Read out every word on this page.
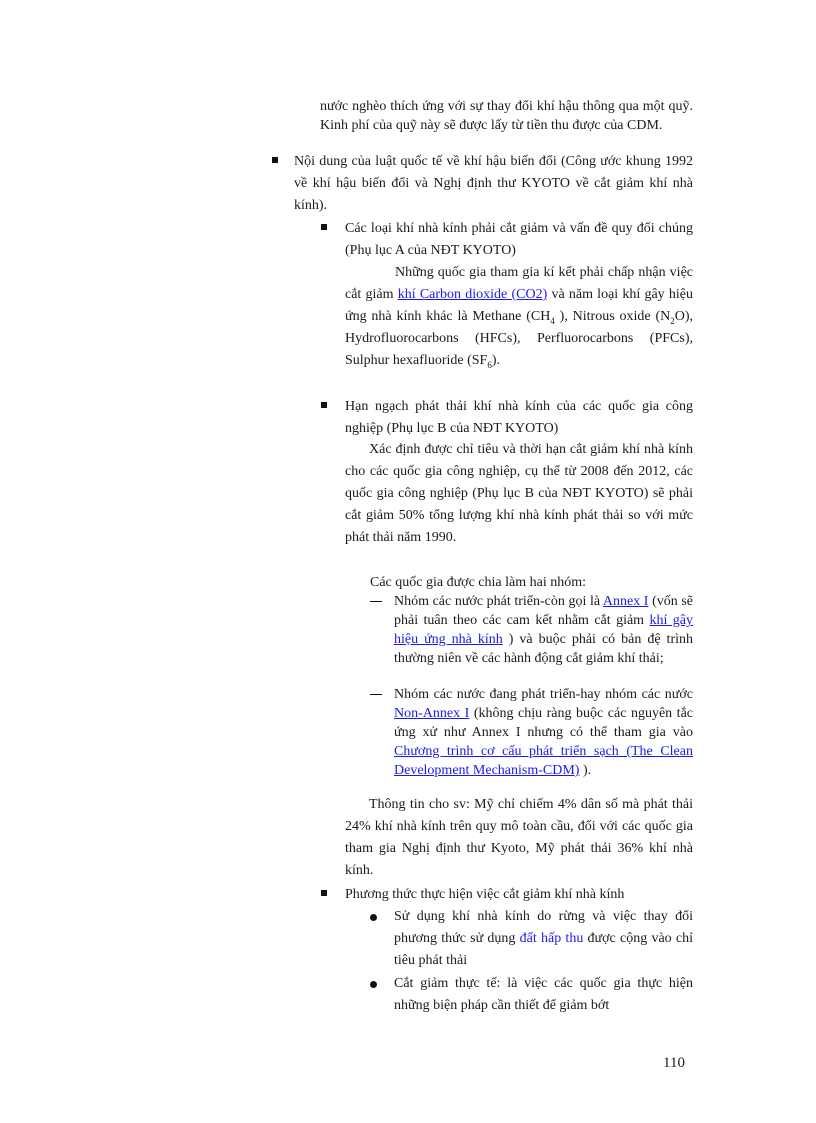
nước nghèo thích ứng với sự thay đổi khí hậu thông qua một quỹ. Kinh phí của quỹ này sẽ được lấy từ tiền thu được của CDM.

Nội dung của luật quốc tế về khí hậu biến đổi (Công ước khung 1992 về khí hậu biến đổi và Nghị định thư KYOTO về cắt giảm khí nhà kính).

Các loại khí nhà kính phải cắt giảm và vấn đề quy đổi chúng (Phụ lục A của NĐT KYOTO)

Những quốc gia tham gia kí kết phải chấp nhận việc cắt giảm khí Carbon dioxide (CO2) và năm loại khí gây hiệu ứng nhà kính khác là Methane ($CH_4$ ), Nitrous oxide $(N_2O)$, Hydrofluorocarbons (HFCs), Perfluorocarbons (PFCs), Sulphur hexafluoride $(SF_6)$.

Hạn ngạch phát thải khí nhà kính của các quốc gia công nghiệp (Phụ lục B của NĐT KYOTO)

Xác định được chỉ tiêu và thời hạn cắt giảm khí nhà kính cho các quốc gia công nghiệp, cụ thể từ 2008 đến 2012, các quốc gia công nghiệp (Phụ lục B của NĐT KYOTO) sẽ phải cắt giảm 50% tổng lượng khí nhà kính phát thải so với mức phát thải năm 1990.

Các quốc gia được chia làm hai nhóm:

Nhóm các nước phát triển-còn gọi là Annex I (vốn sẽ phải tuân theo các cam kết nhằm cắt giảm khí gây hiệu ứng nhà kính ) và buộc phải có bản đệ trình thường niên về các hành động cắt giảm khí thải;

Nhóm các nước đang phát triển-hay nhóm các nước Non-Annex I (không chịu ràng buộc các nguyên tắc ứng xử như Annex I nhưng có thể tham gia vào Chương trình cơ cấu phát triển sạch (The Clean Development Mechanism-CDM) ).

Thông tin cho sv: Mỹ chỉ chiếm 4% dân số mà phát thải 24% khí nhà kính trên quy mô toàn cầu, đối với các quốc gia tham gia Nghị định thư Kyoto, Mỹ phát thải 36% khí nhà kính.

Phương thức thực hiện việc cắt giảm khí nhà kính

Sử dụng khí nhà kính do rừng và việc thay đổi phương thức sử dụng đất hấp thu được cộng vào chỉ tiêu phát thải

Cắt giảm thực tế: là việc các quốc gia thực hiện những biện pháp cần thiết để giảm bớt

110
